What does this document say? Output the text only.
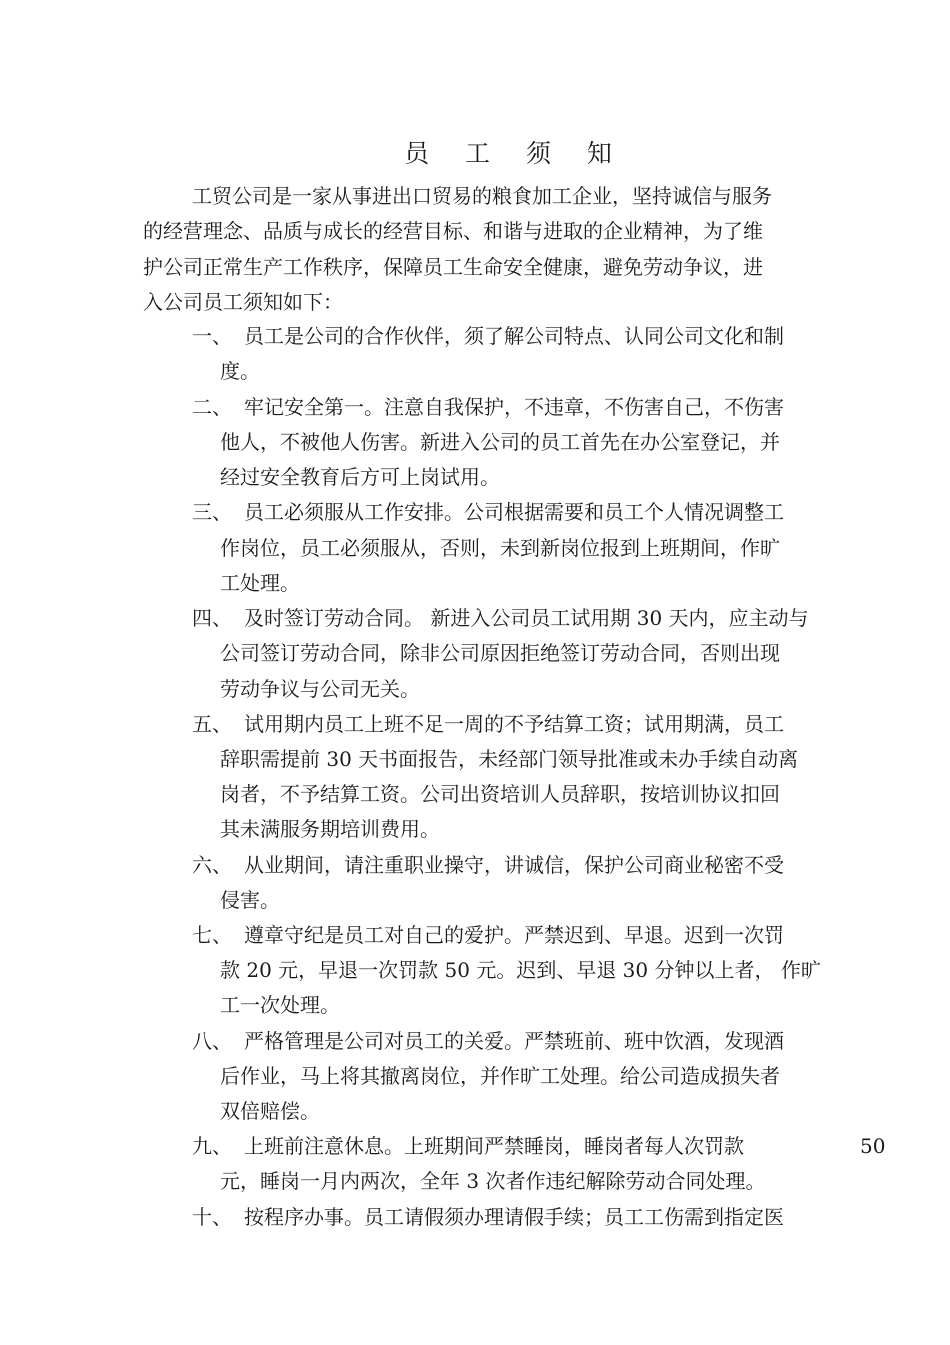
员 工 须 知
工贸公司是一家从事进出口贸易的粮食加工企业，坚持诚信与服务
的经营理念、品质与成长的经营目标、和谐与进取的企业精神，为了维
护公司正常生产工作秩序，保障员工生命安全健康，避免劳动争议，进
入公司员工须知如下：
一、 员工是公司的合作伙伴，须了解公司特点、认同公司文化和制
度。
二、 牢记安全第一。注意自我保护，不违章，不伤害自己，不伤害
他人，不被他人伤害。新进入公司的员工首先在办公室登记，并
经过安全教育后方可上岗试用。
三、 员工必须服从工作安排。公司根据需要和员工个人情况调整工
作岗位，员工必须服从，否则，未到新岗位报到上班期间，作旷
工处理。
四、 及时签订劳动合同。 新进入公司员工试用期 30 天内，应主动与
公司签订劳动合同，除非公司原因拒绝签订劳动合同，否则出现
劳动争议与公司无关。
五、 试用期内员工上班不足一周的不予结算工资；试用期满，员工
辞职需提前 30 天书面报告，未经部门领导批准或未办手续自动离
岗者，不予结算工资。公司出资培训人员辞职，按培训协议扣回
其未满服务期培训费用。
六、 从业期间，请注重职业操守，讲诚信，保护公司商业秘密不受
侵害。
七、 遵章守纪是员工对自己的爱护。严禁迟到、早退。迟到一次罚
款 20 元，早退一次罚款 50 元。迟到、早退 30 分钟以上者， 作旷
工一次处理。
八、 严格管理是公司对员工的关爱。严禁班前、班中饮酒，发现酒
后作业，马上将其撤离岗位，并作旷工处理。给公司造成损失者
双倍赔偿。
九、 上班前注意休息。上班期间严禁睡岗，睡岗者每人次罚款	50
元，睡岗一月内两次，全年 3 次者作违纪解除劳动合同处理。
十、 按程序办事。员工请假须办理请假手续；员工工伤需到指定医
